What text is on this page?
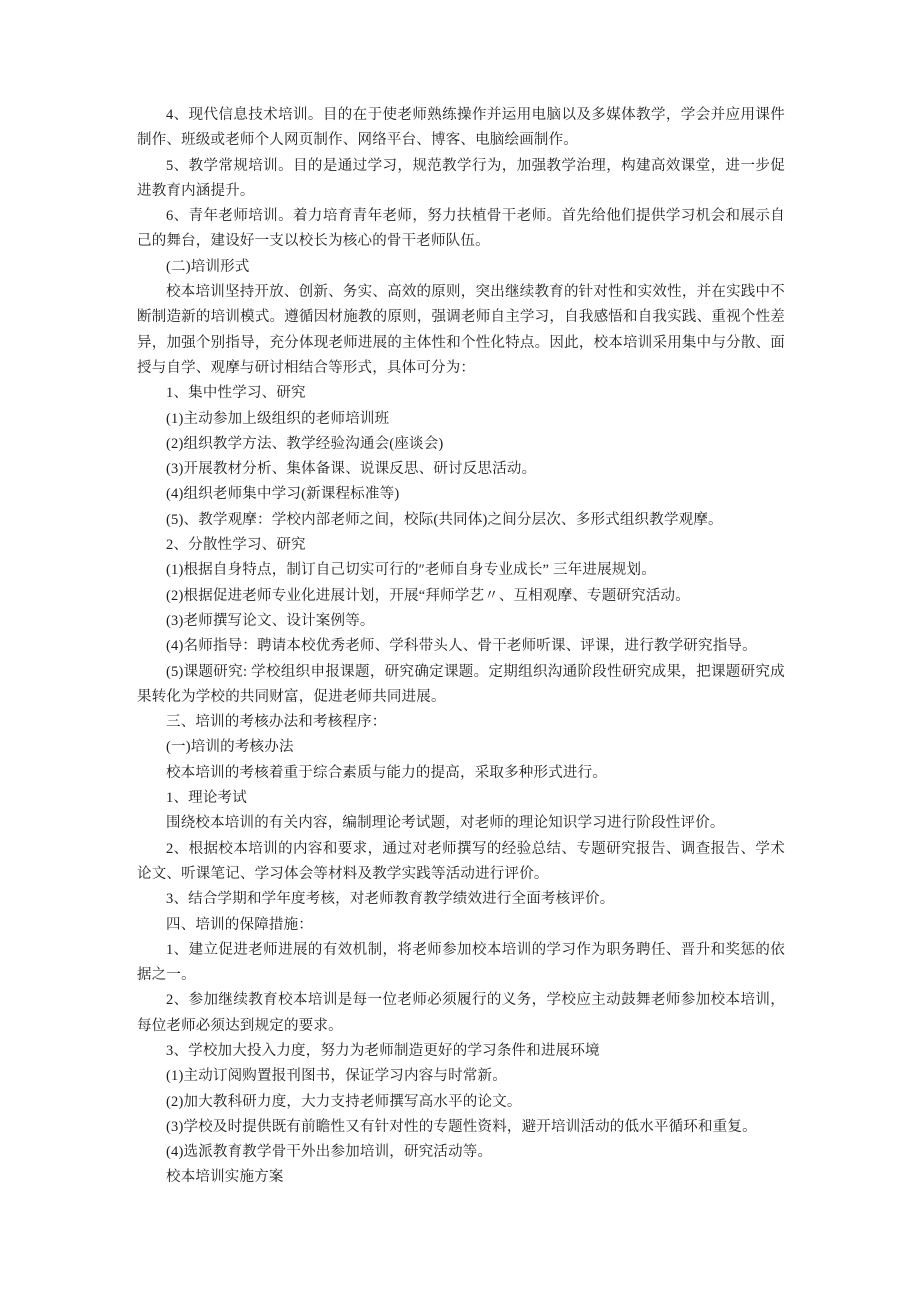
4、现代信息技术培训。目的在于使老师熟练操作并运用电脑以及多媒体教学，学会并应用课件制作、班级或老师个人网页制作、网络平台、博客、电脑绘画制作。

5、教学常规培训。目的是通过学习，规范教学行为，加强教学治理，构建高效课堂，进一步促进教育内涵提升。

6、青年老师培训。着力培育青年老师，努力扶植骨干老师。首先给他们提供学习机会和展示自己的舞台，建设好一支以校长为核心的骨干老师队伍。

(二)培训形式

校本培训坚持开放、创新、务实、高效的原则，突出继续教育的针对性和实效性，并在实践中不断制造新的培训模式。遵循因材施教的原则，强调老师自主学习，自我感悟和自我实践、重视个性差异，加强个别指导，充分体现老师进展的主体性和个性化特点。因此，校本培训采用集中与分散、面授与自学、观摩与研讨相结合等形式，具体可分为：

1、集中性学习、研究

(1)主动参加上级组织的老师培训班

(2)组织教学方法、教学经验沟通会(座谈会)

(3)开展教材分析、集体备课、说课反思、研讨反思活动。

(4)组织老师集中学习(新课程标准等)

(5)、教学观摩：学校内部老师之间，校际(共同体)之间分层次、多形式组织教学观摩。

2、分散性学习、研究

(1)根据自身特点，制订自己切实可行的″老师自身专业成长” 三年进展规划。

(2)根据促进老师专业化进展计划，开展“拜师学艺〃、互相观摩、专题研究活动。

(3)老师撰写论文、设计案例等。

(4)名师指导：聘请本校优秀老师、学科带头人、骨干老师听课、评课，进行教学研究指导。

(5)课题研究: 学校组织申报课题，研究确定课题。定期组织沟通阶段性研究成果，把课题研究成果转化为学校的共同财富，促进老师共同进展。

三、培训的考核办法和考核程序：

(一)培训的考核办法

校本培训的考核着重于综合素质与能力的提高，采取多种形式进行。

1、理论考试

围绕校本培训的有关内容，编制理论考试题，对老师的理论知识学习进行阶段性评价。

2、根据校本培训的内容和要求，通过对老师撰写的经验总结、专题研究报告、调查报告、学术论文、听课笔记、学习体会等材料及教学实践等活动进行评价。

3、结合学期和学年度考核，对老师教育教学绩效进行全面考核评价。

四、培训的保障措施：

1、建立促进老师进展的有效机制，将老师参加校本培训的学习作为职务聘任、晋升和奖惩的依据之一。

2、参加继续教育校本培训是每一位老师必须履行的义务，学校应主动鼓舞老师参加校本培训，每位老师必须达到规定的要求。

3、学校加大投入力度，努力为老师制造更好的学习条件和进展环境

(1)主动订阅购置报刊图书，保证学习内容与时常新。

(2)加大教科研力度，大力支持老师撰写高水平的论文。

(3)学校及时提供既有前瞻性又有针对性的专题性资料，避开培训活动的低水平循环和重复。

(4)选派教育教学骨干外出参加培训，研究活动等。

校本培训实施方案
